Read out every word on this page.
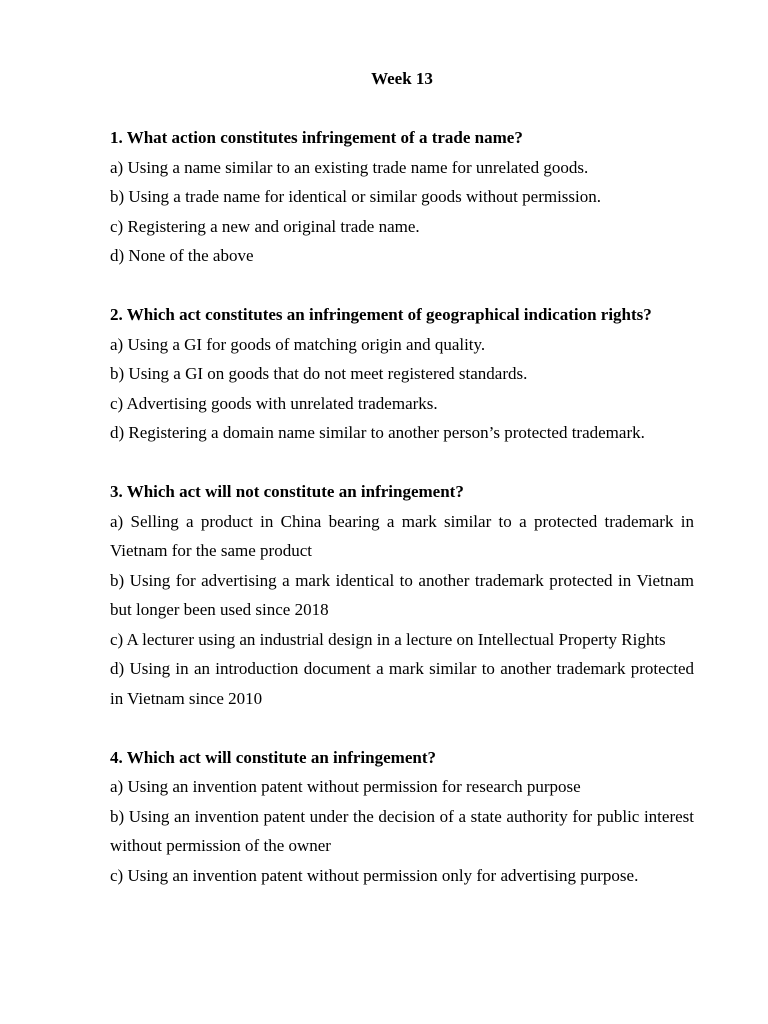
Week 13

1. What action constitutes infringement of a trade name?

a) Using a name similar to an existing trade name for unrelated goods.

b) Using a trade name for identical or similar goods without permission.

c) Registering a new and original trade name.

d) None of the above

2. Which act constitutes an infringement of geographical indication rights?

a) Using a GI for goods of matching origin and quality.

b) Using a GI on goods that do not meet registered standards.

c) Advertising goods with unrelated trademarks.

d) Registering a domain name similar to another person’s protected trademark.

3. Which act will not constitute an infringement?

a) Selling a product in China bearing a mark similar to a protected trademark in Vietnam for the same product

b) Using for advertising a mark identical to another trademark protected in Vietnam but longer been used since 2018

c) A lecturer using an industrial design in a lecture on Intellectual Property Rights

d) Using in an introduction document a mark similar to another trademark protected in Vietnam since 2010

4. Which act will constitute an infringement?

a) Using an invention patent without permission for research purpose

b) Using an invention patent under the decision of a state authority for public interest without permission of the owner

c) Using an invention patent without permission only for advertising purpose.
